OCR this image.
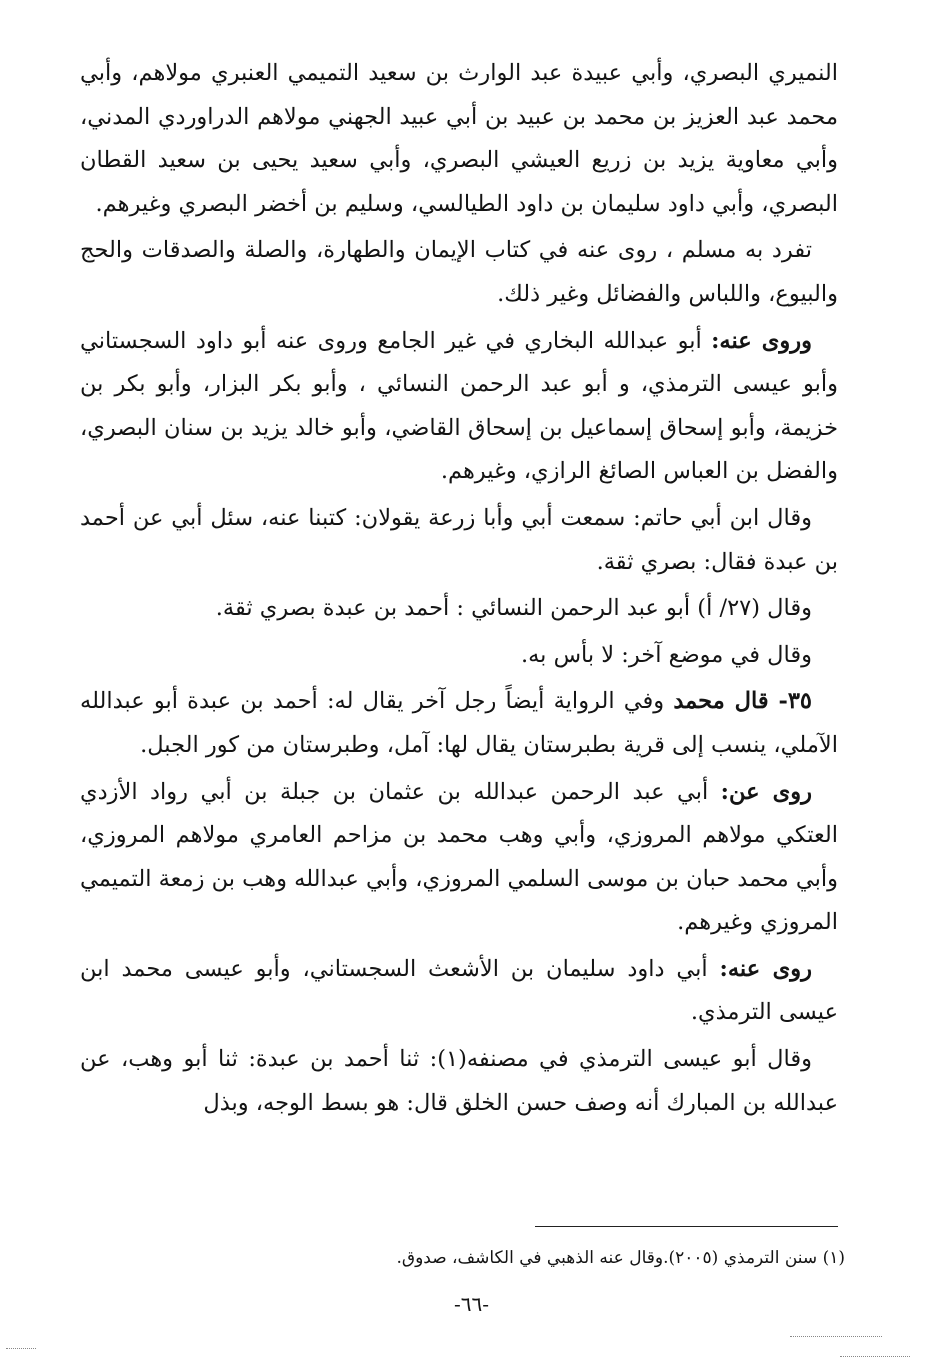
النميري البصري، وأبي عبيدة عبد الوارث بن سعيد التميمي العنبري مولاهم، وأبي محمد عبد العزيز بن محمد بن عبيد بن أبي عبيد الجهني مولاهم الدراوردي المدني، وأبي معاوية يزيد بن زريع العيشي البصري، وأبي سعيد يحيى بن سعيد القطان البصري، وأبي داود سليمان بن داود الطيالسي، وسليم بن أخضر البصري وغيرهم.

تفرد به مسلم ، روى عنه في كتاب الإيمان والطهارة، والصلة والصدقات والحج والبيوع، واللباس والفضائل وغير ذلك.

وروى عنه: أبو عبدالله البخاري في غير الجامع وروى عنه أبو داود السجستاني وأبو عيسى الترمذي، و أبو عبد الرحمن النسائي ، وأبو بكر البزار، وأبو بكر بن خزيمة، وأبو إسحاق إسماعيل بن إسحاق القاضي، وأبو خالد يزيد بن سنان البصري، والفضل بن العباس الصائغ الرازي، وغيرهم.

وقال ابن أبي حاتم: سمعت أبي وأبا زرعة يقولان: كتبنا عنه، سئل أبي عن أحمد بن عبدة فقال: بصري ثقة.

وقال (٢٧/ أ) أبو عبد الرحمن النسائي : أحمد بن عبدة بصري ثقة.

وقال في موضع آخر: لا بأس به.

٣٥- قال محمد وفي الرواية أيضاً رجل آخر يقال له: أحمد بن عبدة أبو عبدالله الآملي، ينسب إلى قرية بطبرستان يقال لها: آمل، وطبرستان من كور الجبل.

روى عن: أبي عبد الرحمن عبدالله بن عثمان بن جبلة بن أبي رواد الأزدي العتكي مولاهم المروزي، وأبي وهب محمد بن مزاحم العامري مولاهم المروزي، وأبي محمد حبان بن موسى السلمي المروزي، وأبي عبدالله وهب بن زمعة التميمي المروزي وغيرهم.

روى عنه: أبي داود سليمان بن الأشعث السجستاني، وأبو عيسى محمد ابن عيسى الترمذي.

وقال أبو عيسى الترمذي في مصنفه(١): ثنا أحمد بن عبدة: ثنا أبو وهب، عن عبدالله بن المبارك أنه وصف حسن الخلق قال: هو بسط الوجه، وبذل

(١) سنن الترمذي (٢٠٠٥).وقال عنه الذهبي في الكاشف، صدوق.
-٦٦-
